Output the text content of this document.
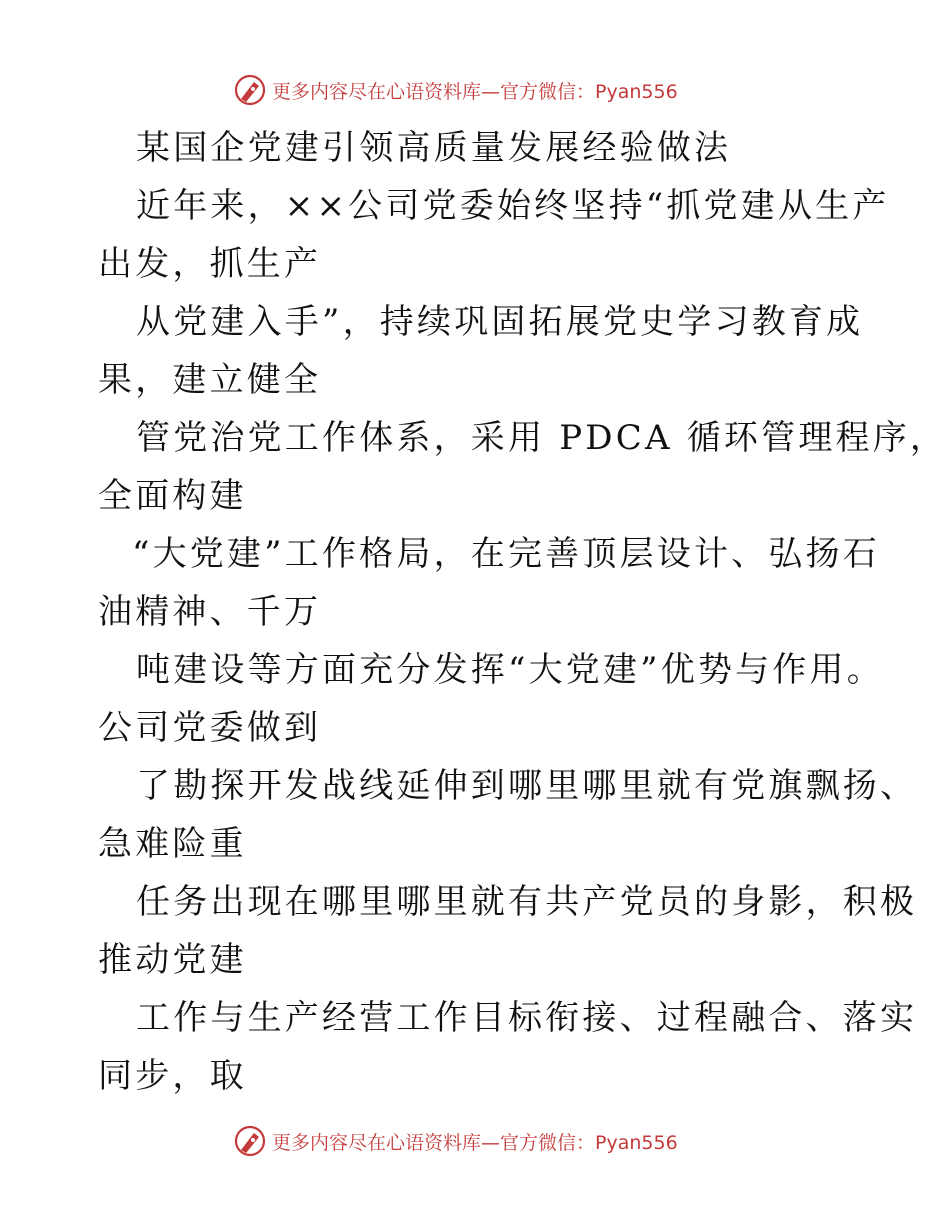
更多内容尽在心语资料库 —官方微信：Pyan556
某国企党建引领高质量发展经验做法
近年来，××公司党委始终坚持“抓党建从生产
出发，抓生产
从党建入手”，持续巩固拓展党史学习教育成
果，建立健全
管党治党工作体系，采用 PDCA 循环管理程序，
全面构建
“大党建”工作格局，在完善顶层设计、弘扬石
油精神、千万
吨建设等方面充分发挥“大党建”优势与作用。
公司党委做到
了勘探开发战线延伸到哪里哪里就有党旗飘扬、
急难险重
任务出现在哪里哪里就有共产党员的身影，积极
推动党建
工作与生产经营工作目标衔接、过程融合、落实
同步，取
更多内容尽在心语资料库 —官方微信：Pyan556
